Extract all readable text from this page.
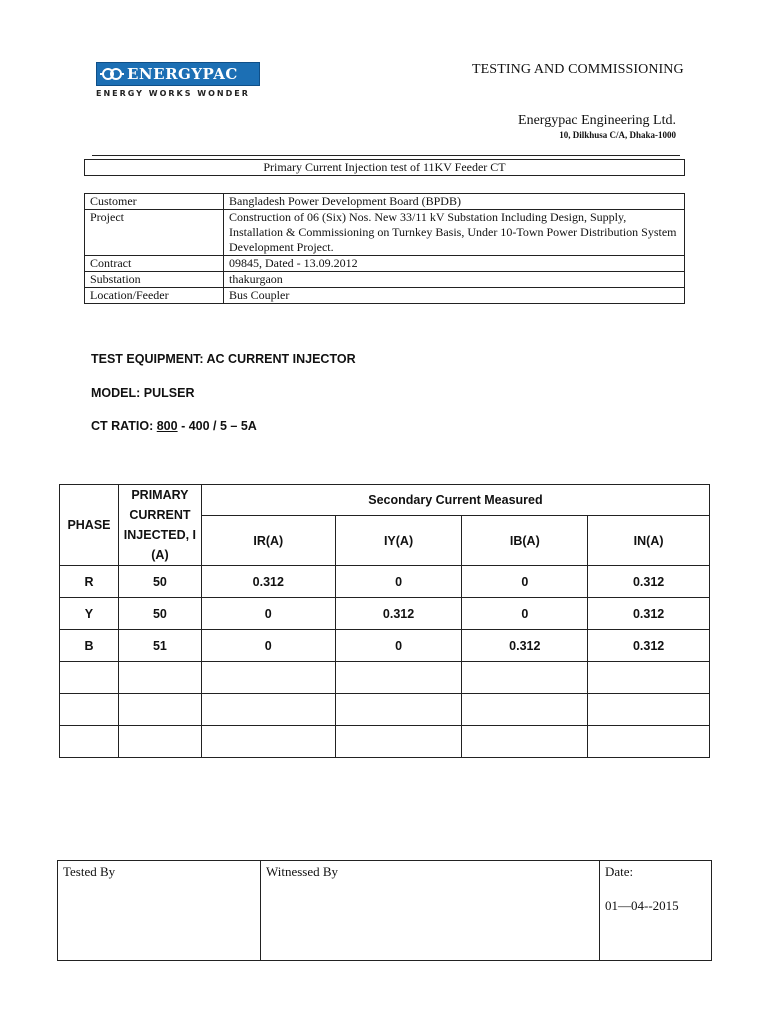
ENERGYPAC
ENERGY WORKS WONDER
TESTING AND COMMISSIONING
Energypac Engineering Ltd.
10, Dilkhusa C/A, Dhaka-1000
Primary Current Injection test of 11KV Feeder CT
Customer	Bangladesh Power Development Board (BPDB)
Project	Construction of 06 (Six) Nos. New 33/11 kV Substation Including Design, Supply, Installation & Commissioning on Turnkey Basis, Under 10-Town Power Distribution System Development Project.
Contract	09845, Dated - 13.09.2012
Substation	thakurgaon
Location/Feeder	Bus Coupler
TEST EQUIPMENT: AC CURRENT INJECTOR
MODEL: PULSER
CT RATIO: 800 - 400 / 5 – 5A
PHASE	PRIMARY CURRENT INJECTED, I (A)	Secondary Current Measured			
		IR(A)	IY(A)	IB(A)	IN(A)
R	50	0.312	0	0	0.312
Y	50	0	0.312	0	0.312
B	51	0	0	0.312	0.312

Tested By	Witnessed By	Date:
01—04--2015
